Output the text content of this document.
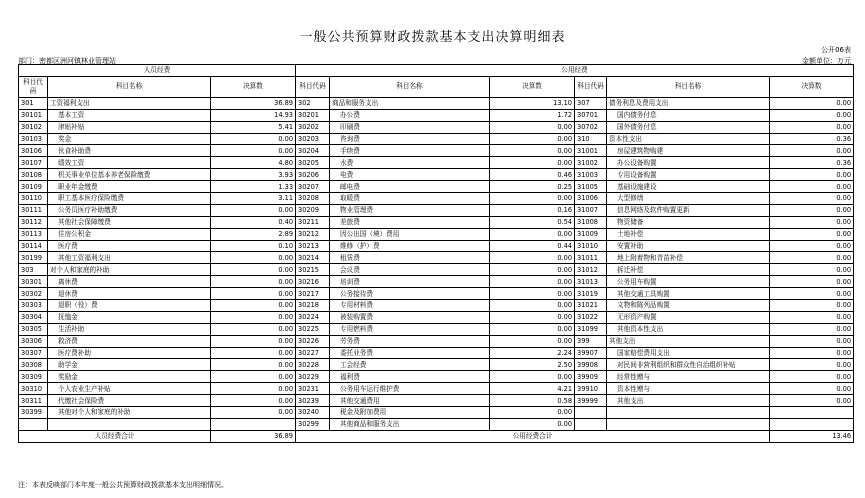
一般公共预算财政拨款基本支出决算明细表
公开06表
部门：密都区洲河镇林业管理站	金额单位：万元
人员经费			公用经费					
科目代码	科目名称	决算数	科目代码	科目名称	决算数	科目代码	科目名称	决算数
301	工资福利支出	36.89	302	商品和服务支出	13.10	307	债务利息及费用支出	0.00
30101	基本工资	14.93	30201	办公费	1.72	30701	国内债务付息	0.00
30102	津贴补贴	5.41	30202	印刷费	0.00	30702	国外债务付息	0.00
30103	奖金	0.00	30203	咨询费	0.00	310	资本性支出	0.36
30106	伙食补助费	0.00	30204	手续费	0.00	31001	房屋建筑物购建	0.00
30107	绩效工资	4.80	30205	水费	0.00	31002	办公设备购置	0.36
30108	机关事业单位基本养老保险缴费	3.93	30206	电费	0.46	31003	专用设备购置	0.00
30109	职业年金缴费	1.33	30207	邮电费	0.25	31005	基础设施建设	0.00
30110	职工基本医疗保险缴费	3.11	30208	取暖费	0.00	31006	大型修缮	0.00
30111	公务员医疗补助缴费	0.00	30209	物业管理费	0.16	31007	信息网络及软件购置更新	0.00
30112	其他社会保障缴费	0.40	30211	差旅费	0.54	31008	物资储备	0.00
30113	住房公积金	2.89	30212	因公出国（境）费用	0.00	31009	土地补偿	0.00
30114	医疗费	0.10	30213	维修（护）费	0.44	31010	安置补助	0.00
30199	其他工资福利支出	0.00	30214	租赁费	0.00	31011	地上附着物和青苗补偿	0.00
303	对个人和家庭的补助	0.00	30215	会议费	0.00	31012	拆迁补偿	0.00
30301	离休费	0.00	30216	培训费	0.00	31013	公务用车购置	0.00
30302	退休费	0.00	30217	公务接待费	0.00	31019	其他交通工具购置	0.00
30303	退职（役）费	0.00	30218	专用材料费	0.00	31021	文物和陈列品购置	0.00
30304	抚恤金	0.00	30224	被装购置费	0.00	31022	无形资产购置	0.00
30305	生活补助	0.00	30225	专用燃料费	0.00	31099	其他资本性支出	0.00
30306	救济费	0.00	30226	劳务费	0.00	399	其他支出	0.00
30307	医疗费补助	0.00	30227	委托业务费	2.24	39907	国家赔偿费用支出	0.00
30308	助学金	0.00	30228	工会经费	2.50	39908	对民间非营利组织和群众性自治组织补贴	0.00
30309	奖励金	0.00	30229	福利费	0.00	39909	经常性赠与	0.00
30310	个人农业生产补贴	0.00	30231	公务用车运行维护费	4.21	39910	资本性赠与	0.00
30311	代缴社会保险费	0.00	30239	其他交通费用	0.58	39999	其他支出	0.00
30399	其他对个人和家庭的补助	0.00	30240	税金及附加费用	0.00			
			30299	其他商品和服务支出	0.00			
人员经费合计		36.89	公用经费合计					13.46
注：本表反映部门本年度一般公共预算财政拨款基本支出明细情况。
